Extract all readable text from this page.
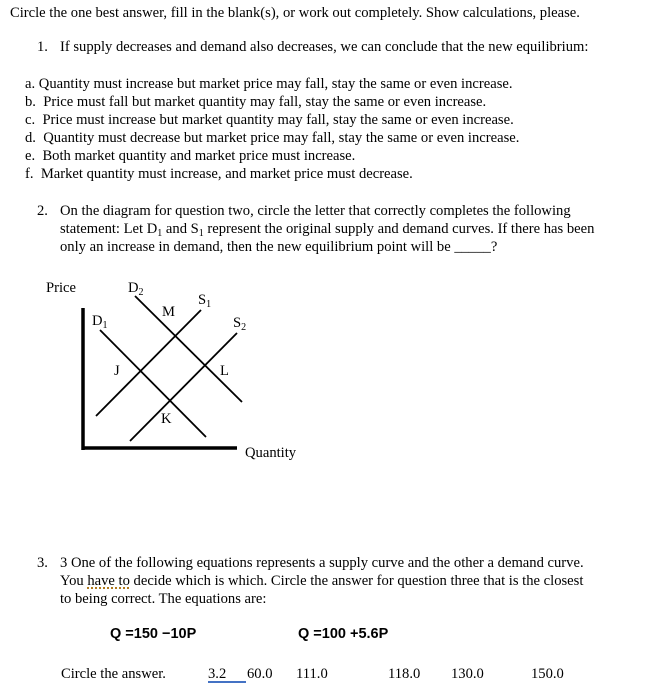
Circle the one best answer, fill in the blank(s), or work out completely. Show calculations, please.
1. If supply decreases and demand also decreases, we can conclude that the new equilibrium:
a. Quantity must increase but market price may fall, stay the same or even increase.
b. Price must fall but market quantity may fall, stay the same or even increase.
c. Price must increase but market quantity may fall, stay the same or even increase.
d. Quantity must decrease but market price may fall, stay the same or even increase.
e. Both market quantity and market price must increase.
f. Market quantity must increase, and market price must decrease.
2. On the diagram for question two, circle the letter that correctly completes the following
statement: Let $D_1$ and $S_1$ represent the original supply and demand curves. If there has been
only an increase in demand, then the new equilibrium point will be _____?
Price
Quantity
$D_2$	$S_1$
$D_1$	$S_2$
M
J	L
K
3. 3 One of the following equations represents a supply curve and the other a demand curve.
You have to decide which is which. Circle the answer for question three that is the closest
to being correct. The equations are:
Q =150 −10P	Q =100 +5.6P
Circle the answer.	3.2	60.0 111.0	118.0 130.0	150.0
